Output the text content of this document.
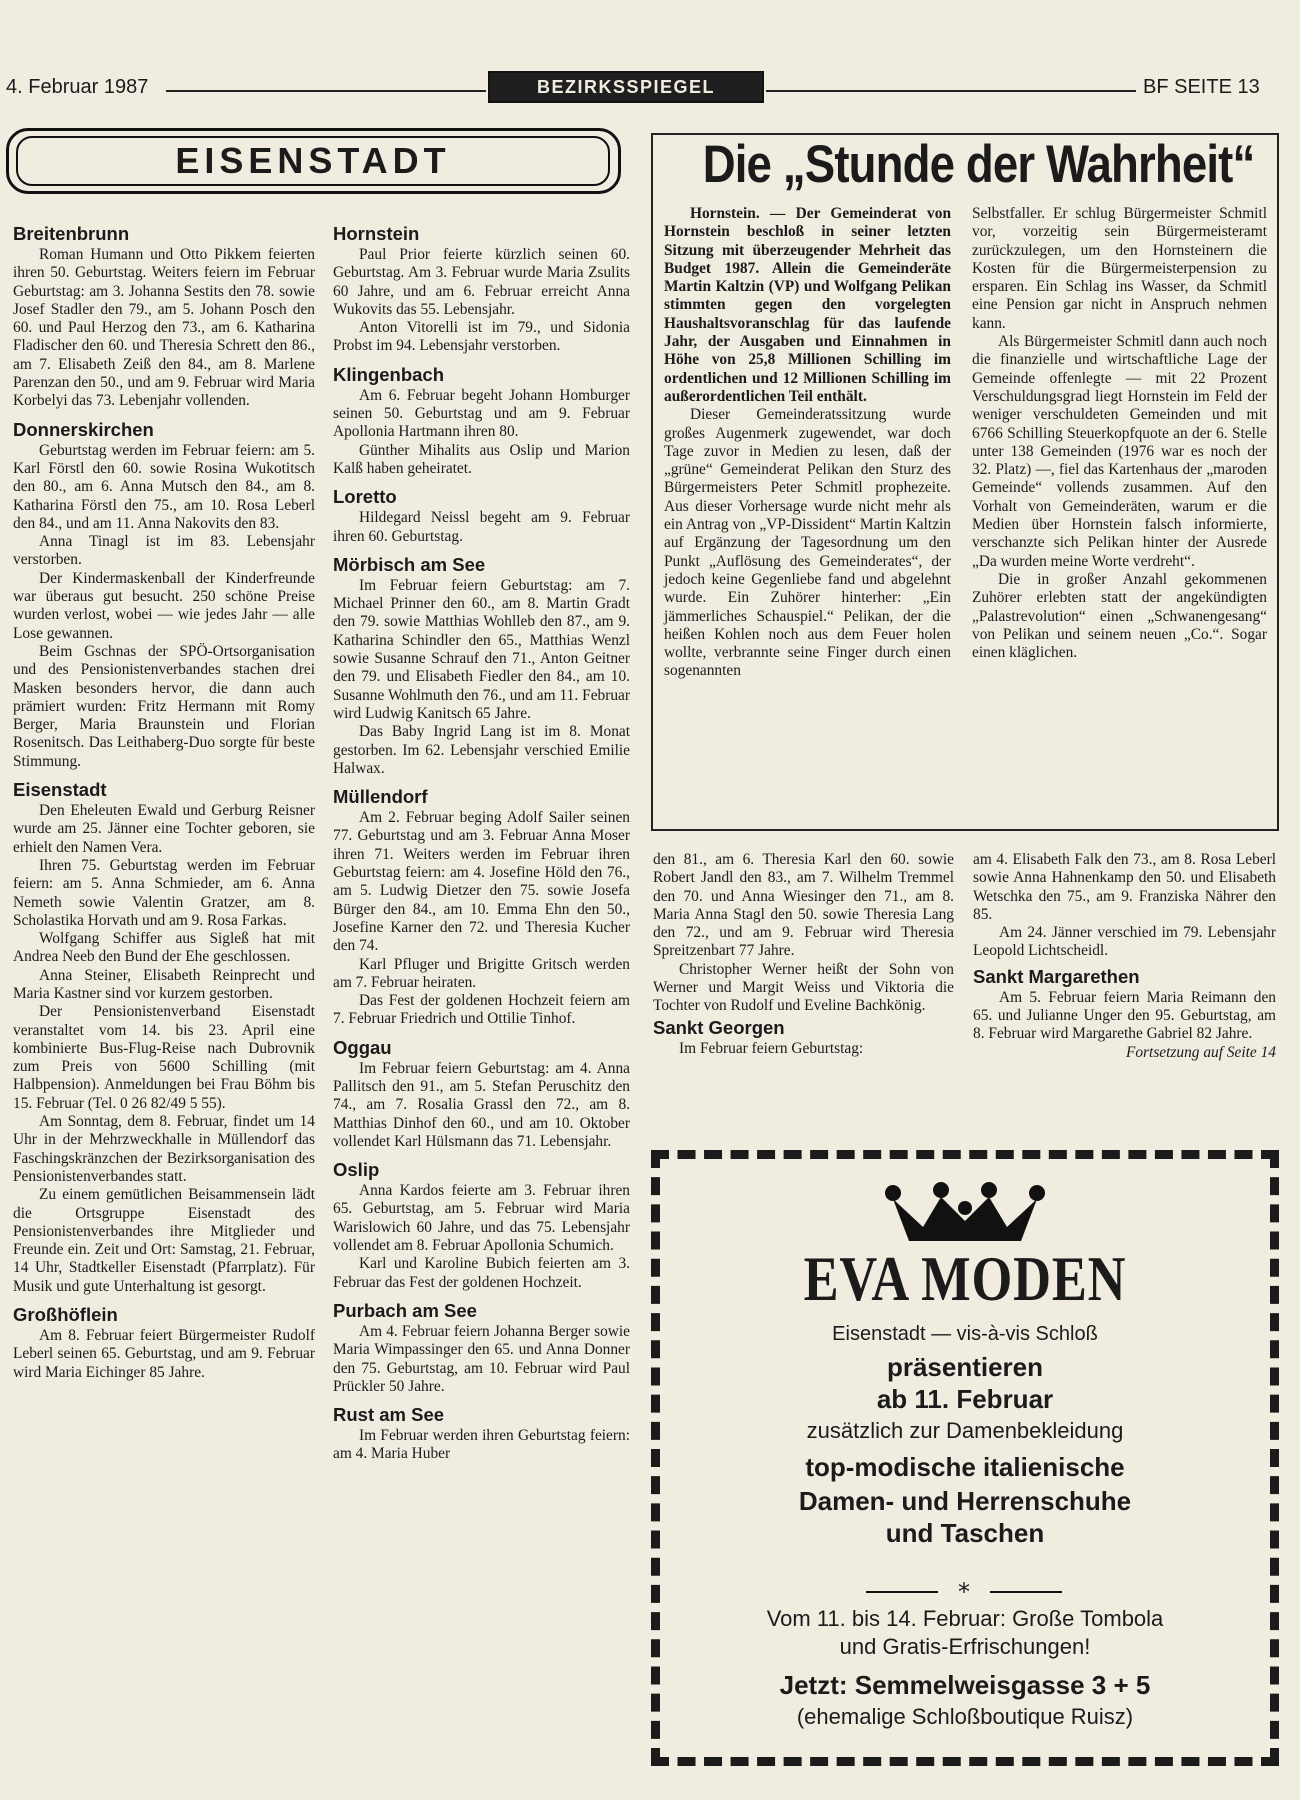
4. Februar 1987	BEZIRKSSPIEGEL	BF SEITE 13
EISENSTADT
Breitenbrunn

Roman Humann und Otto Pikkem feierten ihren 50. Geburtstag. Weiters feiern im Februar Geburtstag: am 3. Johanna Sestits den 78. sowie Josef Stadler den 79., am 5. Johann Posch den 60. und Paul Herzog den 73., am 6. Katharina Fladischer den 60. und Theresia Schrett den 86., am 7. Elisabeth Zeiß den 84., am 8. Marlene Parenzan den 50., und am 9. Februar wird Maria Korbelyi das 73. Lebenjahr vollenden.

Donnerskirchen

Geburtstag werden im Februar feiern: am 5. Karl Förstl den 60. sowie Rosina Wukotitsch den 80., am 6. Anna Mutsch den 84., am 8. Katharina Förstl den 75., am 10. Rosa Leberl den 84., und am 11. Anna Nakovits den 83.

Anna Tinagl ist im 83. Lebensjahr verstorben.

Der Kindermaskenball der Kinderfreunde war überaus gut besucht. 250 schöne Preise wurden verlost, wobei — wie jedes Jahr — alle Lose gewannen.

Beim Gschnas der SPÖ-Ortsorganisation und des Pensionistenverbandes stachen drei Masken besonders hervor, die dann auch prämiert wurden: Fritz Hermann mit Romy Berger, Maria Braunstein und Florian Rosenitsch. Das Leithaberg-Duo sorgte für beste Stimmung.

Eisenstadt

Den Eheleuten Ewald und Gerburg Reisner wurde am 25. Jänner eine Tochter geboren, sie erhielt den Namen Vera.

Ihren 75. Geburtstag werden im Februar feiern: am 5. Anna Schmieder, am 6. Anna Nemeth sowie Valentin Gratzer, am 8. Scholastika Horvath und am 9. Rosa Farkas.

Wolfgang Schiffer aus Sigleß hat mit Andrea Neeb den Bund der Ehe geschlossen.

Anna Steiner, Elisabeth Reinprecht und Maria Kastner sind vor kurzem gestorben.

Der Pensionistenverband Eisenstadt veranstaltet vom 14. bis 23. April eine kombinierte Bus-Flug-Reise nach Dubrovnik zum Preis von 5600 Schilling (mit Halbpension). Anmeldungen bei Frau Böhm bis 15. Februar (Tel. 0 26 82/49 5 55).

Am Sonntag, dem 8. Februar, findet um 14 Uhr in der Mehrzweckhalle in Müllendorf das Faschingskränzchen der Bezirksorganisation des Pensionistenverbandes statt.

Zu einem gemütlichen Beisammensein lädt die Ortsgruppe Eisenstadt des Pensionistenverbandes ihre Mitglieder und Freunde ein. Zeit und Ort: Samstag, 21. Februar, 14 Uhr, Stadtkeller Eisenstadt (Pfarrplatz). Für Musik und gute Unterhaltung ist gesorgt.

Großhöflein

Am 8. Februar feiert Bürgermeister Rudolf Leberl seinen 65. Geburtstag, und am 9. Februar wird Maria Eichinger 85 Jahre.

Hornstein

Paul Prior feierte kürzlich seinen 60. Geburtstag. Am 3. Februar wurde Maria Zsulits 60 Jahre, und am 6. Februar erreicht Anna Wukovits das 55. Lebensjahr.

Anton Vitorelli ist im 79., und Sidonia Probst im 94. Lebensjahr verstorben.

Klingenbach

Am 6. Februar begeht Johann Homburger seinen 50. Geburtstag und am 9. Februar Apollonia Hartmann ihren 80.

Günther Mihalits aus Oslip und Marion Kalß haben geheiratet.

Loretto

Hildegard Neissl begeht am 9. Februar ihren 60. Geburtstag.

Mörbisch am See

Im Februar feiern Geburtstag: am 7. Michael Prinner den 60., am 8. Martin Gradt den 79. sowie Matthias Wohlleb den 87., am 9. Katharina Schindler den 65., Matthias Wenzl sowie Susanne Schrauf den 71., Anton Geitner den 79. und Elisabeth Fiedler den 84., am 10. Susanne Wohlmuth den 76., und am 11. Februar wird Ludwig Kanitsch 65 Jahre.

Das Baby Ingrid Lang ist im 8. Monat gestorben. Im 62. Lebensjahr verschied Emilie Halwax.

Müllendorf

Am 2. Februar beging Adolf Sailer seinen 77. Geburtstag und am 3. Februar Anna Moser ihren 71. Weiters werden im Februar ihren Geburtstag feiern: am 4. Josefine Höld den 76., am 5. Ludwig Dietzer den 75. sowie Josefa Bürger den 84., am 10. Emma Ehn den 50., Josefine Karner den 72. und Theresia Kucher den 74.

Karl Pfluger und Brigitte Gritsch werden am 7. Februar heiraten.

Das Fest der goldenen Hochzeit feiern am 7. Februar Friedrich und Ottilie Tinhof.

Oggau

Im Februar feiern Geburtstag: am 4. Anna Pallitsch den 91., am 5. Stefan Peruschitz den 74., am 7. Rosalia Grassl den 72., am 8. Matthias Dinhof den 60., und am 10. Oktober vollendet Karl Hülsmann das 71. Lebensjahr.

Oslip

Anna Kardos feierte am 3. Februar ihren 65. Geburtstag, am 5. Februar wird Maria Warislowich 60 Jahre, und das 75. Lebensjahr vollendet am 8. Februar Apollonia Schumich.

Karl und Karoline Bubich feierten am 3. Februar das Fest der goldenen Hochzeit.

Purbach am See

Am 4. Februar feiern Johanna Berger sowie Maria Wimpassinger den 65. und Anna Donner den 75. Geburtstag, am 10. Februar wird Paul Prückler 50 Jahre.

Rust am See

Im Februar werden ihren Geburtstag feiern: am 4. Maria Huber

Die „Stunde der Wahrheit“

Hornstein. — Der Gemeinderat von Hornstein beschloß in seiner letzten Sitzung mit überzeugender Mehrheit das Budget 1987. Allein die Gemeinderäte Martin Kaltzin (VP) und Wolfgang Pelikan stimmten gegen den vorgelegten Haushaltsvoranschlag für das laufende Jahr, der Ausgaben und Einnahmen in Höhe von 25,8 Millionen Schilling im ordentlichen und 12 Millionen Schilling im außerordentlichen Teil enthält.

Dieser Gemeinderatssitzung wurde großes Augenmerk zugewendet, war doch Tage zuvor in Medien zu lesen, daß der „grüne“ Gemeinderat Pelikan den Sturz des Bürgermeisters Peter Schmitl prophezeite. Aus dieser Vorhersage wurde nicht mehr als ein Antrag von „VP-Dissident“ Martin Kaltzin auf Ergänzung der Tagesordnung um den Punkt „Auflösung des Gemeinderates“, der jedoch keine Gegenliebe fand und abgelehnt wurde. Ein Zuhörer hinterher: „Ein jämmerliches Schauspiel.“ Pelikan, der die heißen Kohlen noch aus dem Feuer holen wollte, verbrannte seine Finger durch einen sogenannten

Selbstfaller. Er schlug Bürgermeister Schmitl vor, vorzeitig sein Bürgermeisteramt zurückzulegen, um den Hornsteinern die Kosten für die Bürgermeisterpension zu ersparen. Ein Schlag ins Wasser, da Schmitl eine Pension gar nicht in Anspruch nehmen kann.

Als Bürgermeister Schmitl dann auch noch die finanzielle und wirtschaftliche Lage der Gemeinde offenlegte — mit 22 Prozent Verschuldungsgrad liegt Hornstein im Feld der weniger verschuldeten Gemeinden und mit 6766 Schilling Steuerkopfquote an der 6. Stelle unter 138 Gemeinden (1976 war es noch der 32. Platz) —, fiel das Kartenhaus der „maroden Gemeinde“ vollends zusammen. Auf den Vorhalt von Gemeinderäten, warum er die Medien über Hornstein falsch informierte, verschanzte sich Pelikan hinter der Ausrede „Da wurden meine Worte verdreht“.

Die in großer Anzahl gekommenen Zuhörer erlebten statt der angekündigten „Palastrevolution“ einen „Schwanengesang“ von Pelikan und seinem neuen „Co.“. Sogar einen kläglichen.

den 81., am 6. Theresia Karl den 60. sowie Robert Jandl den 83., am 7. Wilhelm Tremmel den 70. und Anna Wiesinger den 71., am 8. Maria Anna Stagl den 50. sowie Theresia Lang den 72., und am 9. Februar wird Theresia Spreitzenbart 77 Jahre.

Christopher Werner heißt der Sohn von Werner und Margit Weiss und Viktoria die Tochter von Rudolf und Eveline Bachkönig.

Sankt Georgen

Im Februar feiern Geburtstag:

am 4. Elisabeth Falk den 73., am 8. Rosa Leberl sowie Anna Hahnenkamp den 50. und Elisabeth Wetschka den 75., am 9. Franziska Nährer den 85.

Am 24. Jänner verschied im 79. Lebensjahr Leopold Lichtscheidl.

Sankt Margarethen

Am 5. Februar feiern Maria Reimann den 65. und Julianne Unger den 95. Geburtstag, am 8. Februar wird Margarethe Gabriel 82 Jahre.

Fortsetzung auf Seite 14

EVA MODEN
Eisenstadt — vis-à-vis Schloß
präsentieren
ab 11. Februar
zusätzlich zur Damenbekleidung
top-modische italienische
Damen- und Herrenschuhe
und Taschen
*
Vom 11. bis 14. Februar: Große Tombola
und Gratis-Erfrischungen!
Jetzt: Semmelweisgasse 3 + 5
(ehemalige Schloßboutique Ruisz)
